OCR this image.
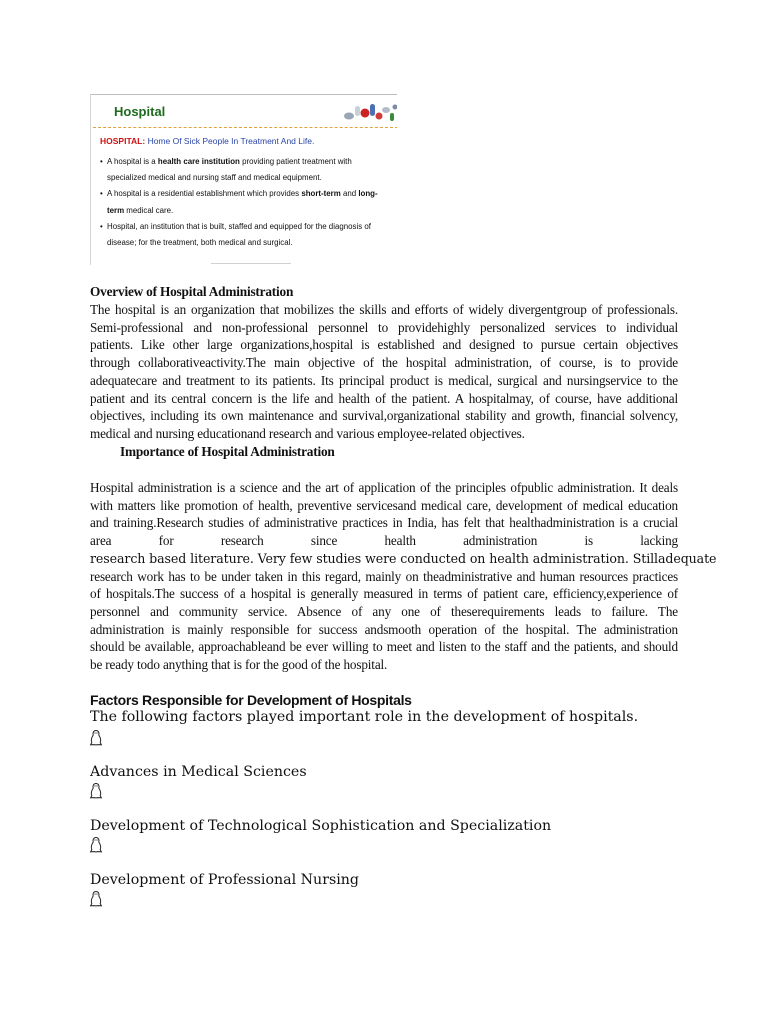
Hospital
HOSPITAL: Home Of Sick People In Treatment And Life.
• A hospital is a health care institution providing patient treatment with specialized medical and nursing staff and medical equipment.
• A hospital is a residential establishment which provides short-term and long-term medical care.
• Hospital, an institution that is built, staffed and equipped for the diagnosis of disease; for the treatment, both medical and surgical.
Overview of Hospital Administration

The hospital is an organization that mobilizes the skills and efforts of widely divergentgroup of professionals.
Semi-professional and non-professional personnel to providehighly personalized services to individual
patients. Like other large organizations,hospital is established and designed to pursue certain objectives
through collaborativeactivity.The main objective of the hospital administration, of course, is to provide
adequatecare and treatment to its patients. Its principal product is medical, surgical and nursingservice to the
patient and its central concern is the life and health of the patient. A hospitalmay, of course, have additional
objectives, including its own maintenance and survival,organizational stability and growth, financial solvency,
medical and nursing educationand research and various employee-related objectives.

Importance of Hospital Administration

Hospital administration is a science and the art of application of the principles ofpublic administration. It deals
with matters like promotion of health, preventive servicesand medical care, development of medical education
and training.Research studies of administrative practices in India, has felt that healthadministration is a crucial
area for research since health administration is lacking
research based literature. Very few studies were conducted on health administration. Stilladequate
research work has to be under taken in this regard, mainly on theadministrative and human resources practices
of hospitals.The success of a hospital is generally measured in terms of patient care, efficiency,experience of
personnel and community service. Absence of any one of theserequirements leads to failure. The
administration is mainly responsible for success andsmooth operation of the hospital. The administration
should be available, approachableand be ever willing to meet and listen to the staff and the patients, and should
be ready todo anything that is for the good of the hospital.

Factors Responsible for Development of Hospitals
The following factors played important role in the development of hospitals.
Advances in Medical Sciences
Development of Technological Sophistication and Specialization
Development of Professional Nursing
